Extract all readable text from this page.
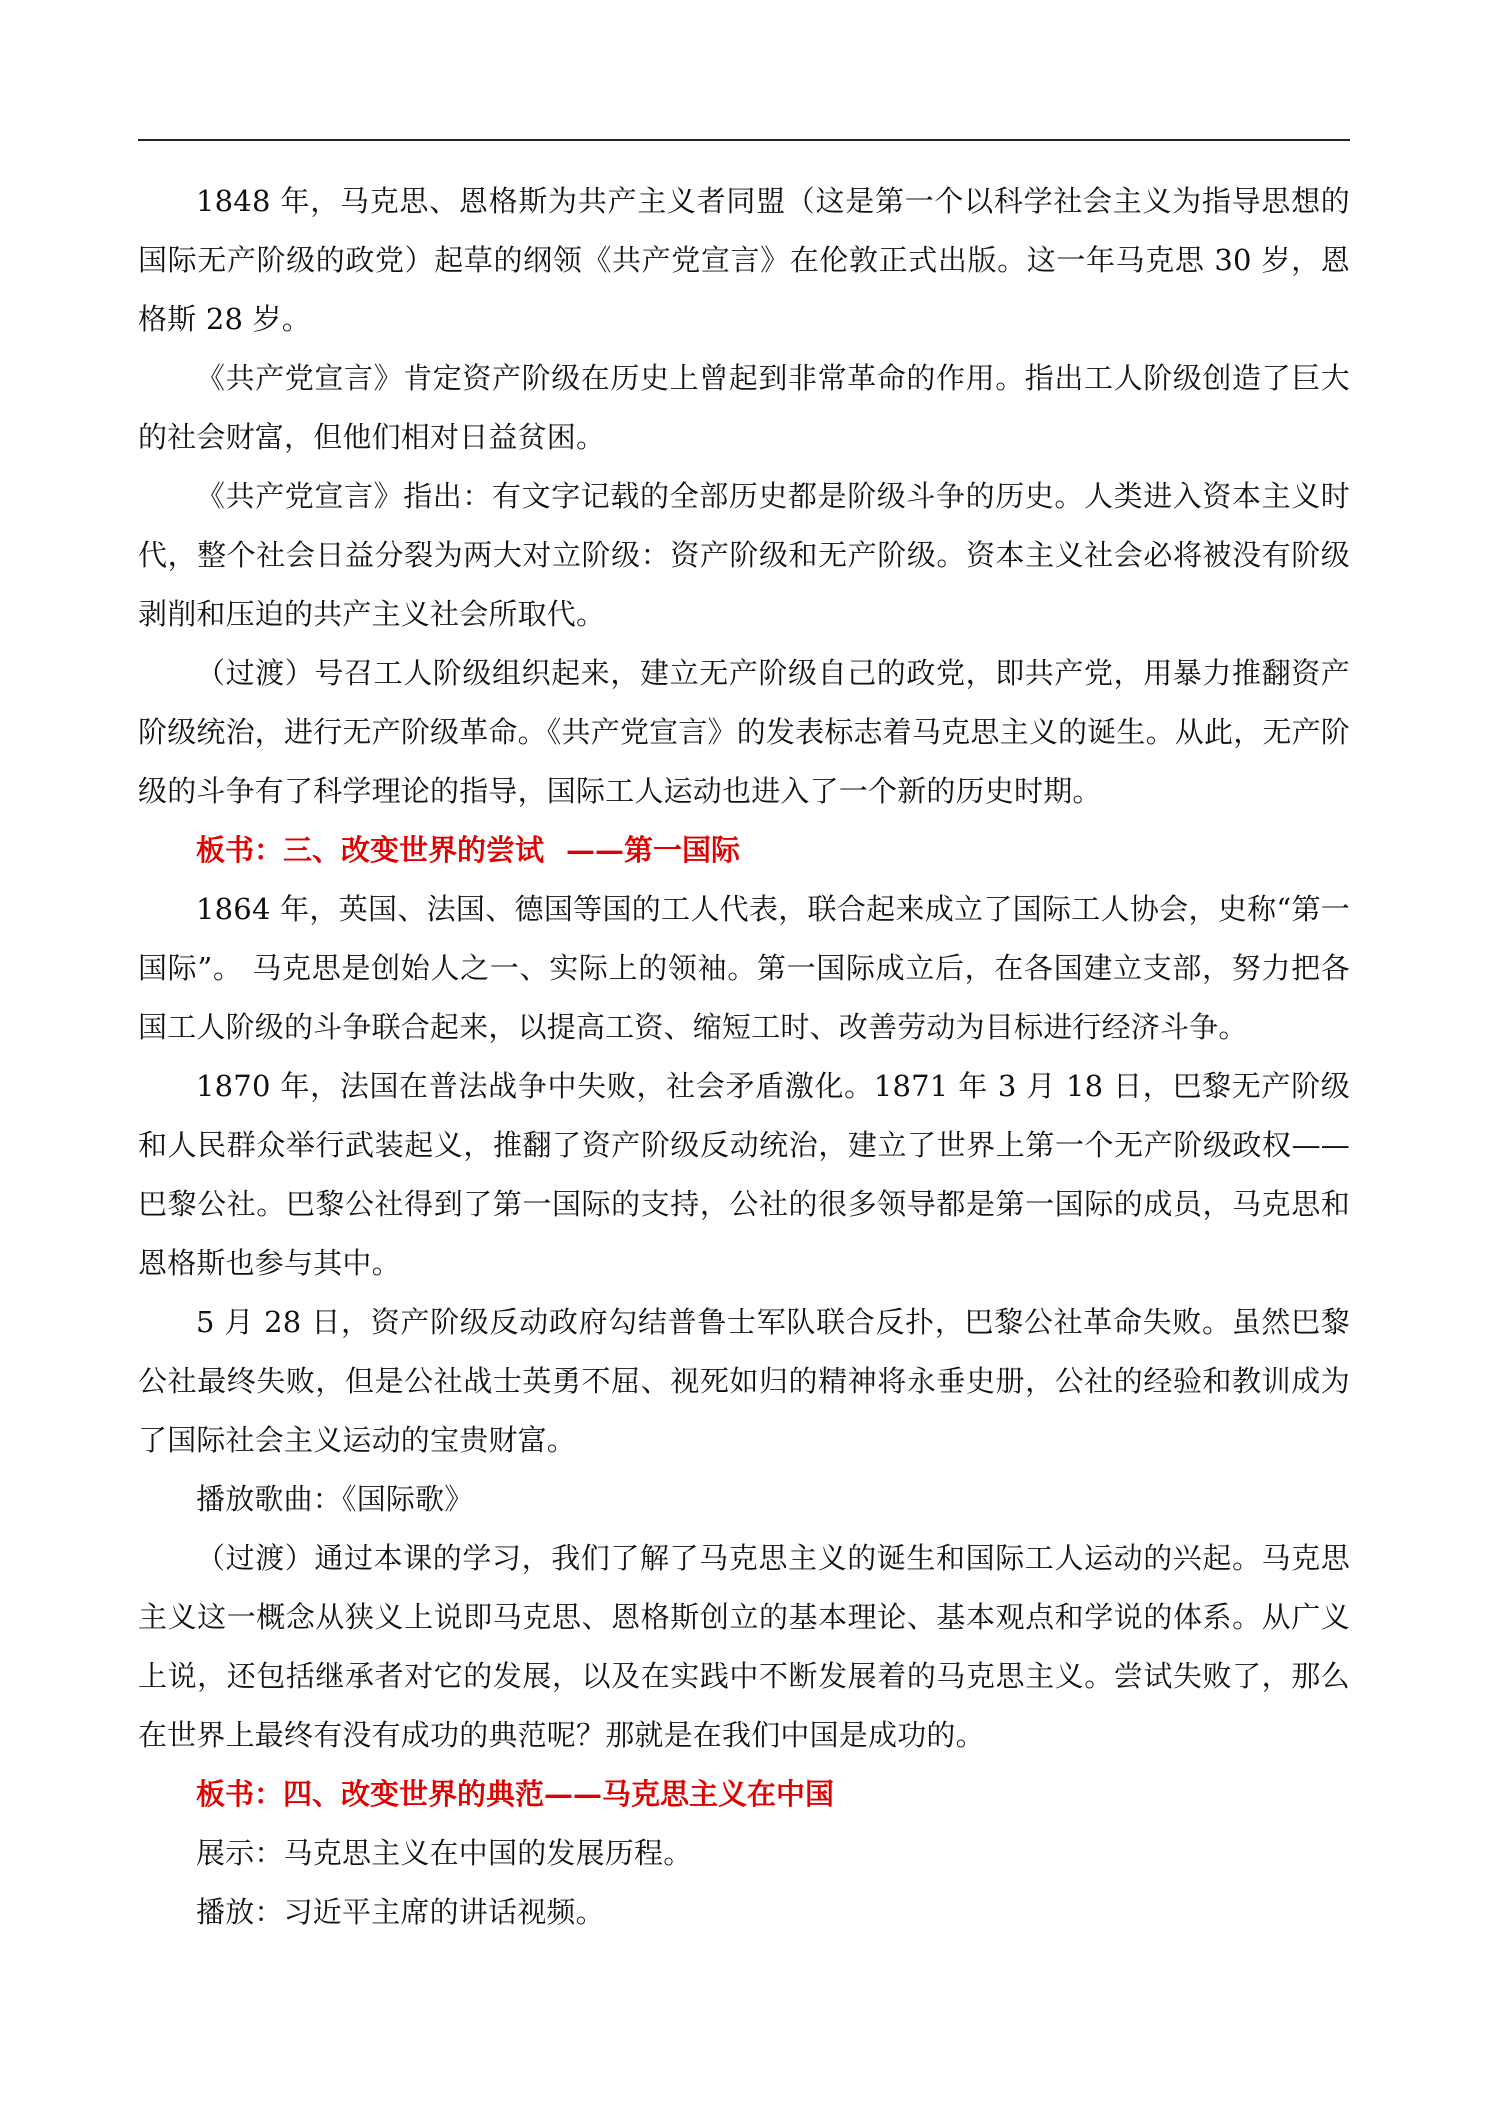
1848 年，马克思、恩格斯为共产主义者同盟（这是第一个以科学社会主义为指导思想的国际无产阶级的政党）起草的纲领《共产党宣言》在伦敦正式出版。这一年马克思 30 岁，恩格斯 28 岁。

《共产党宣言》肯定资产阶级在历史上曾起到非常革命的作用。指出工人阶级创造了巨大的社会财富，但他们相对日益贫困。

《共产党宣言》指出：有文字记载的全部历史都是阶级斗争的历史。人类进入资本主义时代，整个社会日益分裂为两大对立阶级：资产阶级和无产阶级。资本主义社会必将被没有阶级剥削和压迫的共产主义社会所取代。

（过渡）号召工人阶级组织起来，建立无产阶级自己的政党，即共产党，用暴力推翻资产阶级统治，进行无产阶级革命。《共产党宣言》的发表标志着马克思主义的诞生。从此，无产阶级的斗争有了科学理论的指导，国际工人运动也进入了一个新的历史时期。

板书：三、改变世界的尝试 ——第一国际

1864 年，英国、法国、德国等国的工人代表，联合起来成立了国际工人协会，史称“第一国际”。 马克思是创始人之一、实际上的领袖。第一国际成立后，在各国建立支部，努力把各国工人阶级的斗争联合起来，以提高工资、缩短工时、改善劳动为目标进行经济斗争。

1870 年，法国在普法战争中失败，社会矛盾激化。1871 年 3 月 18 日，巴黎无产阶级和人民群众举行武装起义，推翻了资产阶级反动统治，建立了世界上第一个无产阶级政权——巴黎公社。巴黎公社得到了第一国际的支持，公社的很多领导都是第一国际的成员，马克思和恩格斯也参与其中。

5 月 28 日，资产阶级反动政府勾结普鲁士军队联合反扑，巴黎公社革命失败。虽然巴黎公社最终失败，但是公社战士英勇不屈、视死如归的精神将永垂史册，公社的经验和教训成为了国际社会主义运动的宝贵财富。

播放歌曲：《国际歌》

（过渡）通过本课的学习，我们了解了马克思主义的诞生和国际工人运动的兴起。马克思主义这一概念从狭义上说即马克思、恩格斯创立的基本理论、基本观点和学说的体系。从广义上说，还包括继承者对它的发展，以及在实践中不断发展着的马克思主义。尝试失败了，那么在世界上最终有没有成功的典范呢？那就是在我们中国是成功的。

板书：四、改变世界的典范——马克思主义在中国

展示：马克思主义在中国的发展历程。

播放：习近平主席的讲话视频。
